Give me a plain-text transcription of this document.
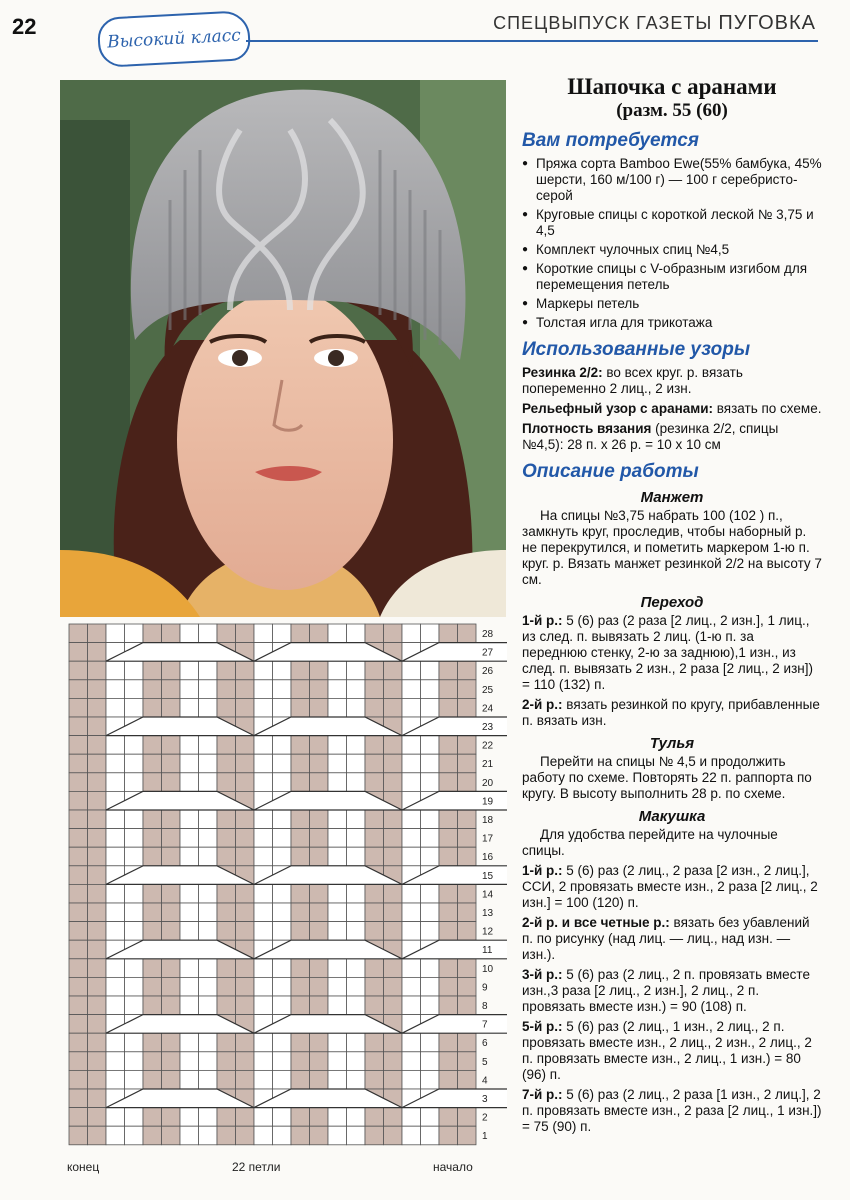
22	Высокий класс
СПЕЦВЫПУСК ГАЗЕТЫ ПУГОВКА
28
27
26
25
24
23
22
21
20
19
18
17
16
15
14
13
12
11
10
9
8
7
6
5
4
3
2
1
конец	22 петли	начало
Шапочка с аранами
(разм. 55 (60)
Вам потребуется
● Пряжа сорта Bamboo Ewe(55% бамбука, 45% шерсти, 160 м/100 г) — 100 г серебристо-серой
● Круговые спицы с короткой леской № 3,75 и 4,5
● Комплект чулочных спиц №4,5
● Короткие спицы с V-образным изгибом для перемещения петель
● Маркеры петель
● Толстая игла для трикотажа
Использованные узоры

Резинка 2/2: во всех круг. р. вязать попеременно 2 лиц., 2 изн.

Рельефный узор с аранами: вязать по схеме.

Плотность вязания (резинка 2/2, спицы №4,5): 28 п. х 26 р. = 10 х 10 см

Описание работы
Манжет

На спицы №3,75 набрать 100 (102 ) п., замкнуть круг, проследив, чтобы наборный р. не перекрутился, и пометить маркером 1-ю п. круг. р. Вязать манжет резинкой 2/2 на высоту 7 см.

Переход

1-й р.: 5 (6) раз (2 раза [2 лиц., 2 изн.], 1 лиц., из след. п. вывязать 2 лиц. (1-ю п. за переднюю стенку, 2-ю за заднюю),1 изн., из след. п. вывязать 2 изн., 2 раза [2 лиц., 2 изн]) = 110 (132) п.

2-й р.: вязать резинкой по кругу, прибавленные п. вязать изн.

Тулья

Перейти на спицы № 4,5 и продолжить работу по схеме. Повторять 22 п. раппорта по кругу. В высоту выполнить 28 р. по схеме.

Макушка

Для удобства перейдите на чулочные спицы.

1-й р.: 5 (6) раз (2 лиц., 2 раза [2 изн., 2 лиц.], ССИ, 2 провязать вместе изн., 2 раза [2 лиц., 2 изн.] = 100 (120) п.

2-й р. и все четные р.: вязать без убавлений п. по рисунку (над лиц. — лиц., над изн. — изн.).

3-й р.: 5 (6) раз (2 лиц., 2 п. провязать вместе изн.,3 раза [2 лиц., 2 изн.], 2 лиц., 2 п. провязать вместе изн.) = 90 (108) п.

5-й р.: 5 (6) раз (2 лиц., 1 изн., 2 лиц., 2 п. провязать вместе изн., 2 лиц., 2 изн., 2 лиц., 2 п. провязать вместе изн., 2 лиц., 1 изн.) = 80 (96) п.

7-й р.: 5 (6) раз (2 лиц., 2 раза [1 изн., 2 лиц.], 2 п. провязать вместе изн., 2 раза [2 лиц., 1 изн.]) = 75 (90) п.
